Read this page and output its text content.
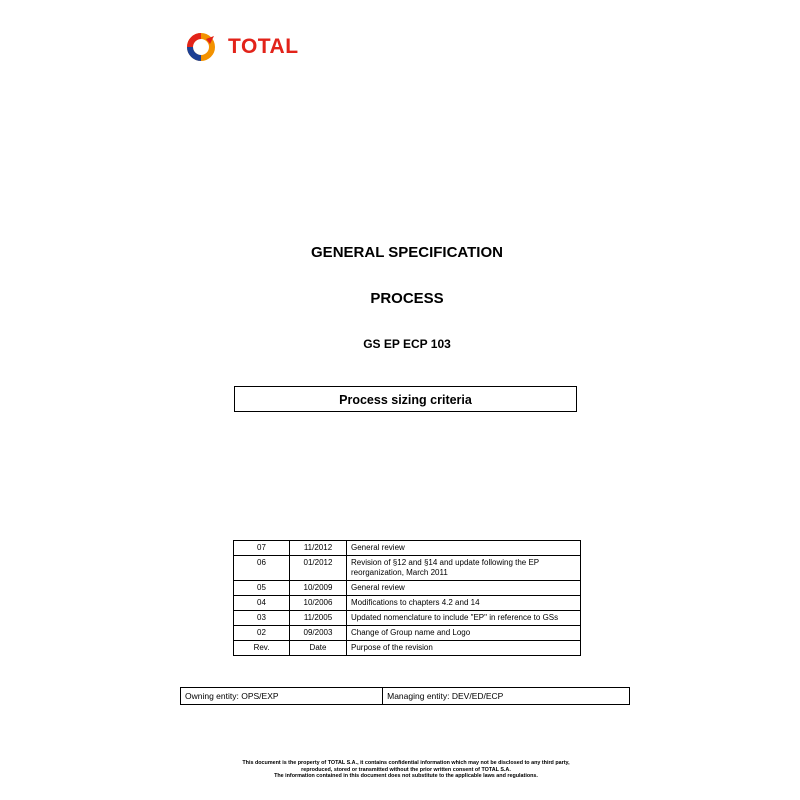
TOTAL
GENERAL SPECIFICATION
PROCESS
GS EP ECP 103
Process sizing criteria
07	11/2012	General review
06	01/2012	Revision of §12 and §14 and update following the EP reorganization, March 2011
05	10/2009	General review
04	10/2006	Modifications to chapters 4.2 and 14
03	11/2005	Updated nomenclature to include "EP" in reference to GSs
02	09/2003	Change of Group name and Logo
Rev.	Date	Purpose of the revision
Owning entity: OPS/EXP	Managing entity: DEV/ED/ECP
This document is the property of TOTAL S.A., it contains confidential information which may not be disclosed to any third party,
reproduced, stored or transmitted without the prior written consent of TOTAL S.A.
The information contained in this document does not substitute to the applicable laws and regulations.
